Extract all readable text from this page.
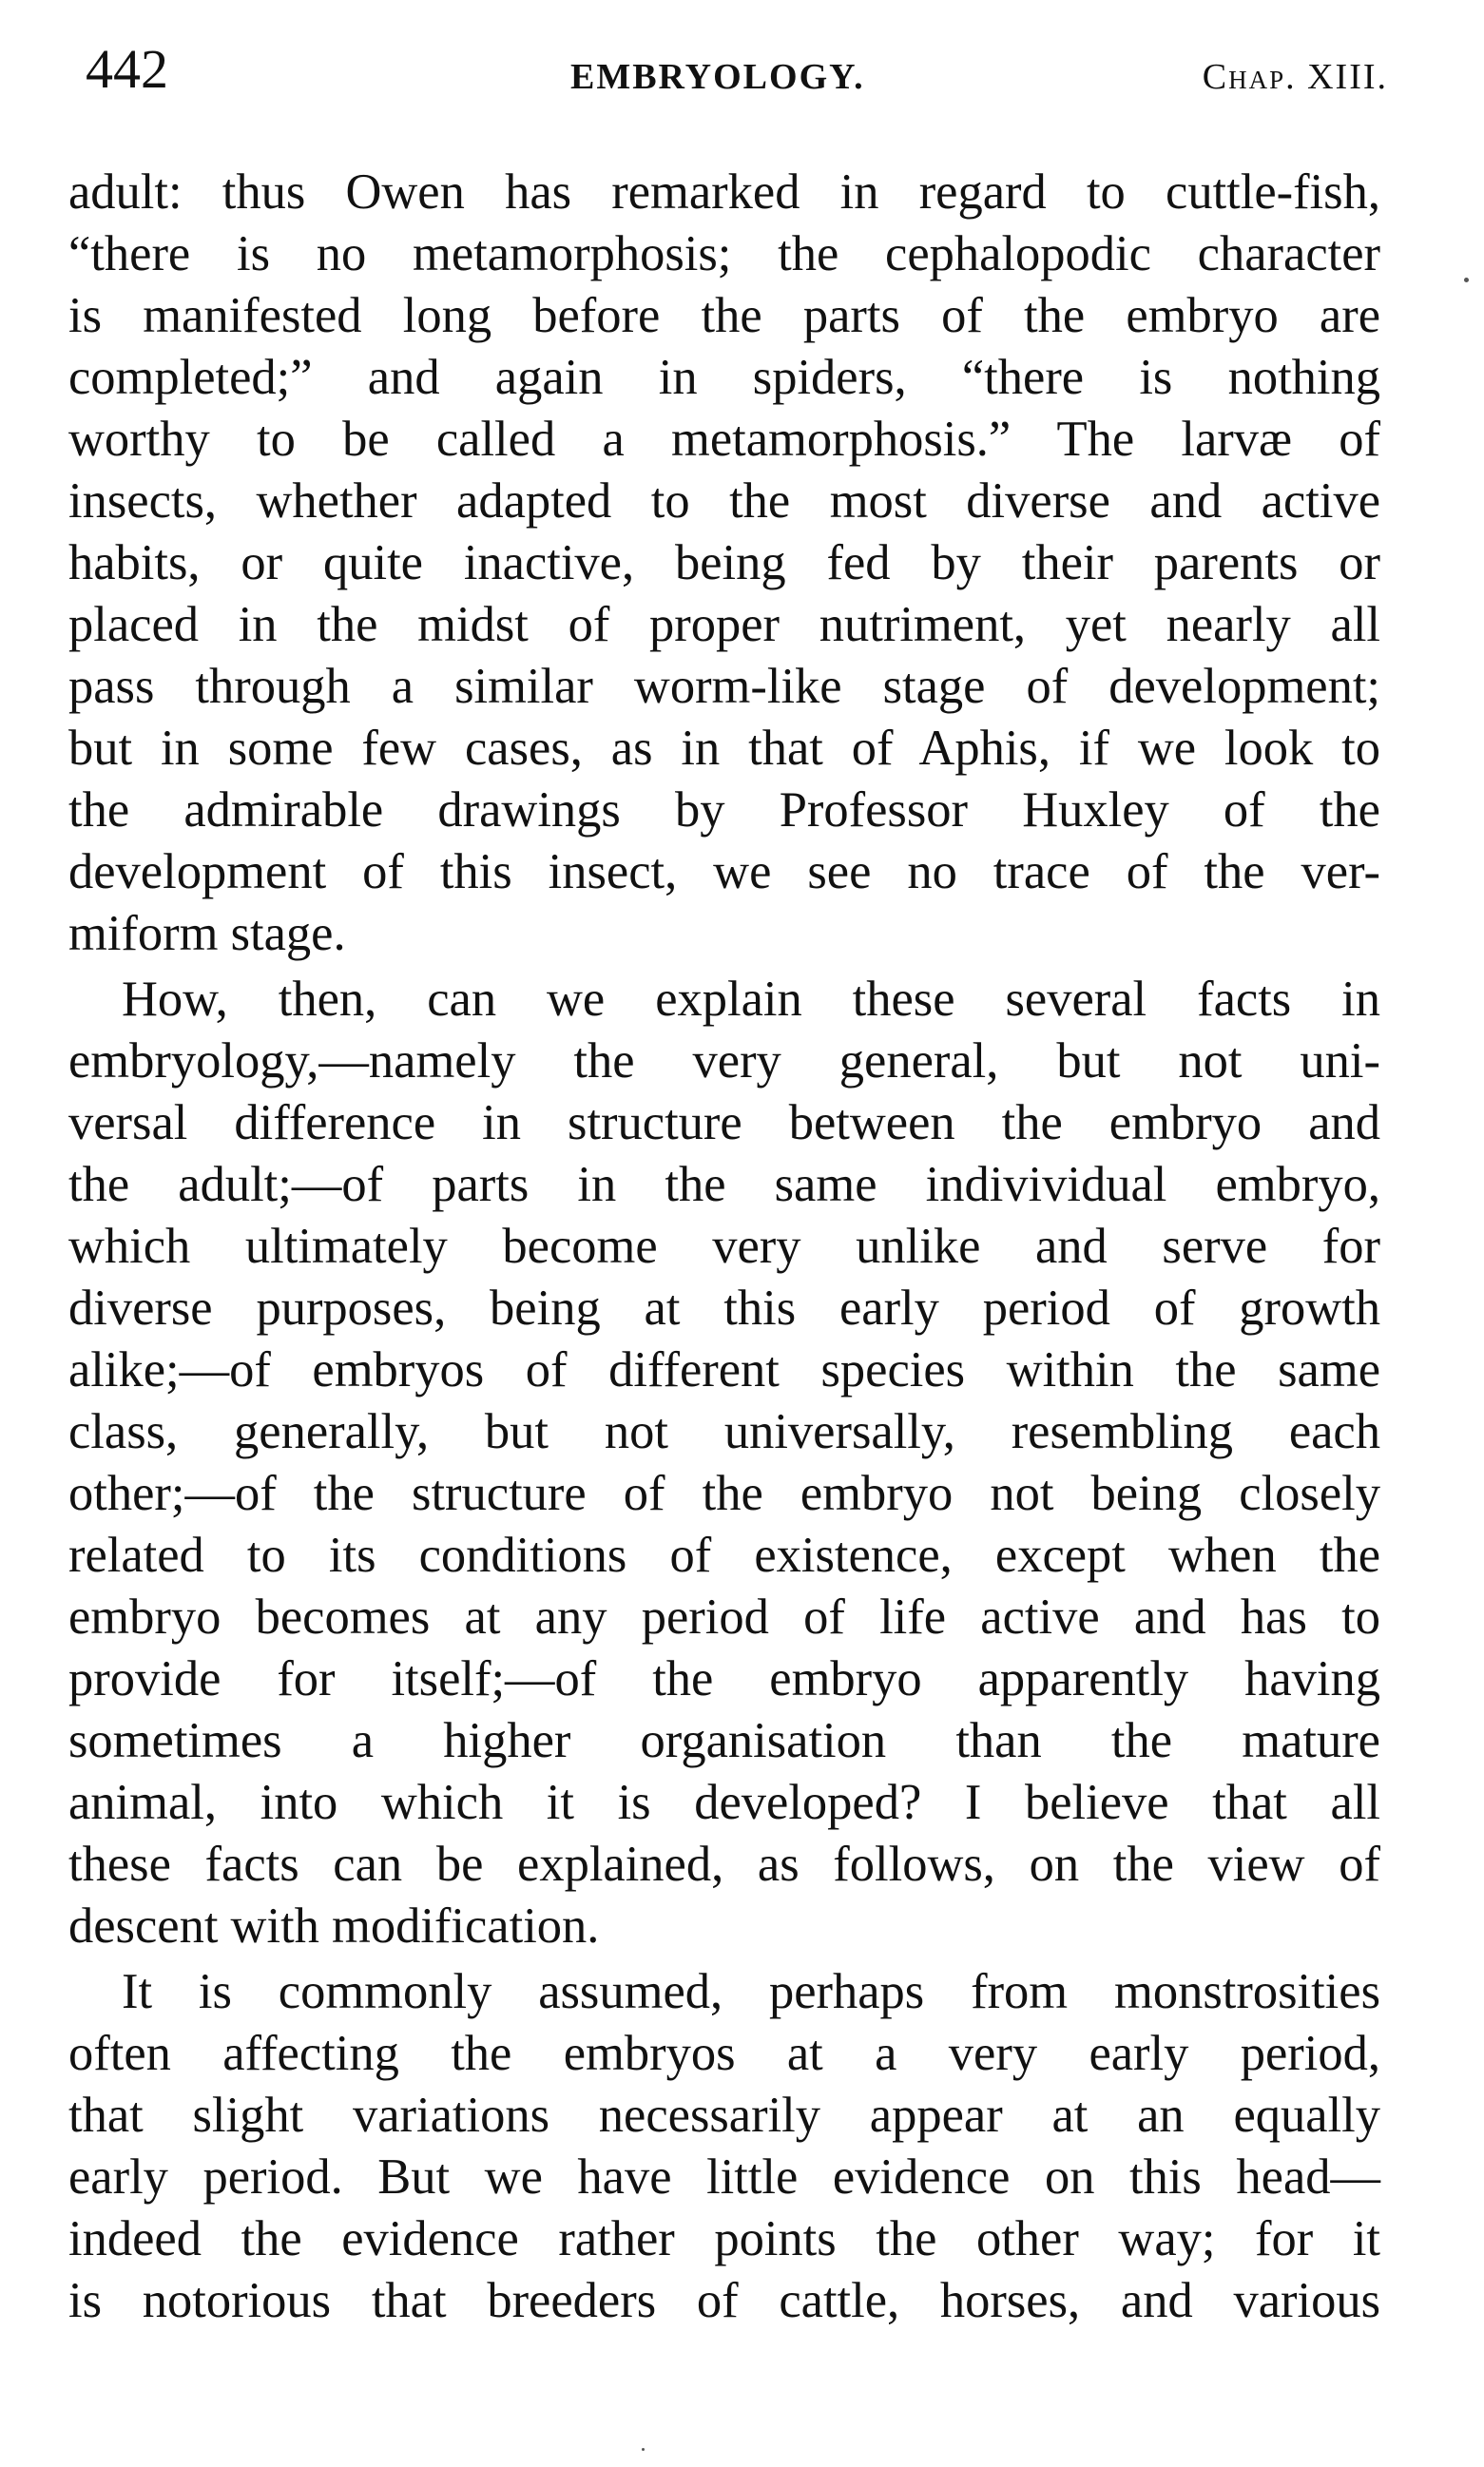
442	EMBRYOLOGY.	Chap. XIII.

adult: thus Owen has remarked in regard to cuttle-fish,
“there is no metamorphosis; the cephalopodic character
is manifested long before the parts of the embryo are
completed;” and again in spiders, “there is nothing
worthy to be called a metamorphosis.” The larvæ of
insects, whether adapted to the most diverse and active
habits, or quite inactive, being fed by their parents or
placed in the midst of proper nutriment, yet nearly all
pass through a similar worm-like stage of development;
but in some few cases, as in that of Aphis, if we look to
the admirable drawings by Professor Huxley of the
development of this insect, we see no trace of the ver-
miform stage.

How, then, can we explain these several facts in
embryology,—namely the very general, but not uni-
versal difference in structure between the embryo and
the adult;—of parts in the same indivividual embryo,
which ultimately become very unlike and serve for
diverse purposes, being at this early period of growth
alike;—of embryos of different species within the same
class, generally, but not universally, resembling each
other;—of the structure of the embryo not being closely
related to its conditions of existence, except when the
embryo becomes at any period of life active and has to
provide for itself;—of the embryo apparently having
sometimes a higher organisation than the mature
animal, into which it is developed? I believe that all
these facts can be explained, as follows, on the view of
descent with modification.

It is commonly assumed, perhaps from monstrosities
often affecting the embryos at a very early period,
that slight variations necessarily appear at an equally
early period. But we have little evidence on this head—
indeed the evidence rather points the other way; for it
is notorious that breeders of cattle, horses, and various
